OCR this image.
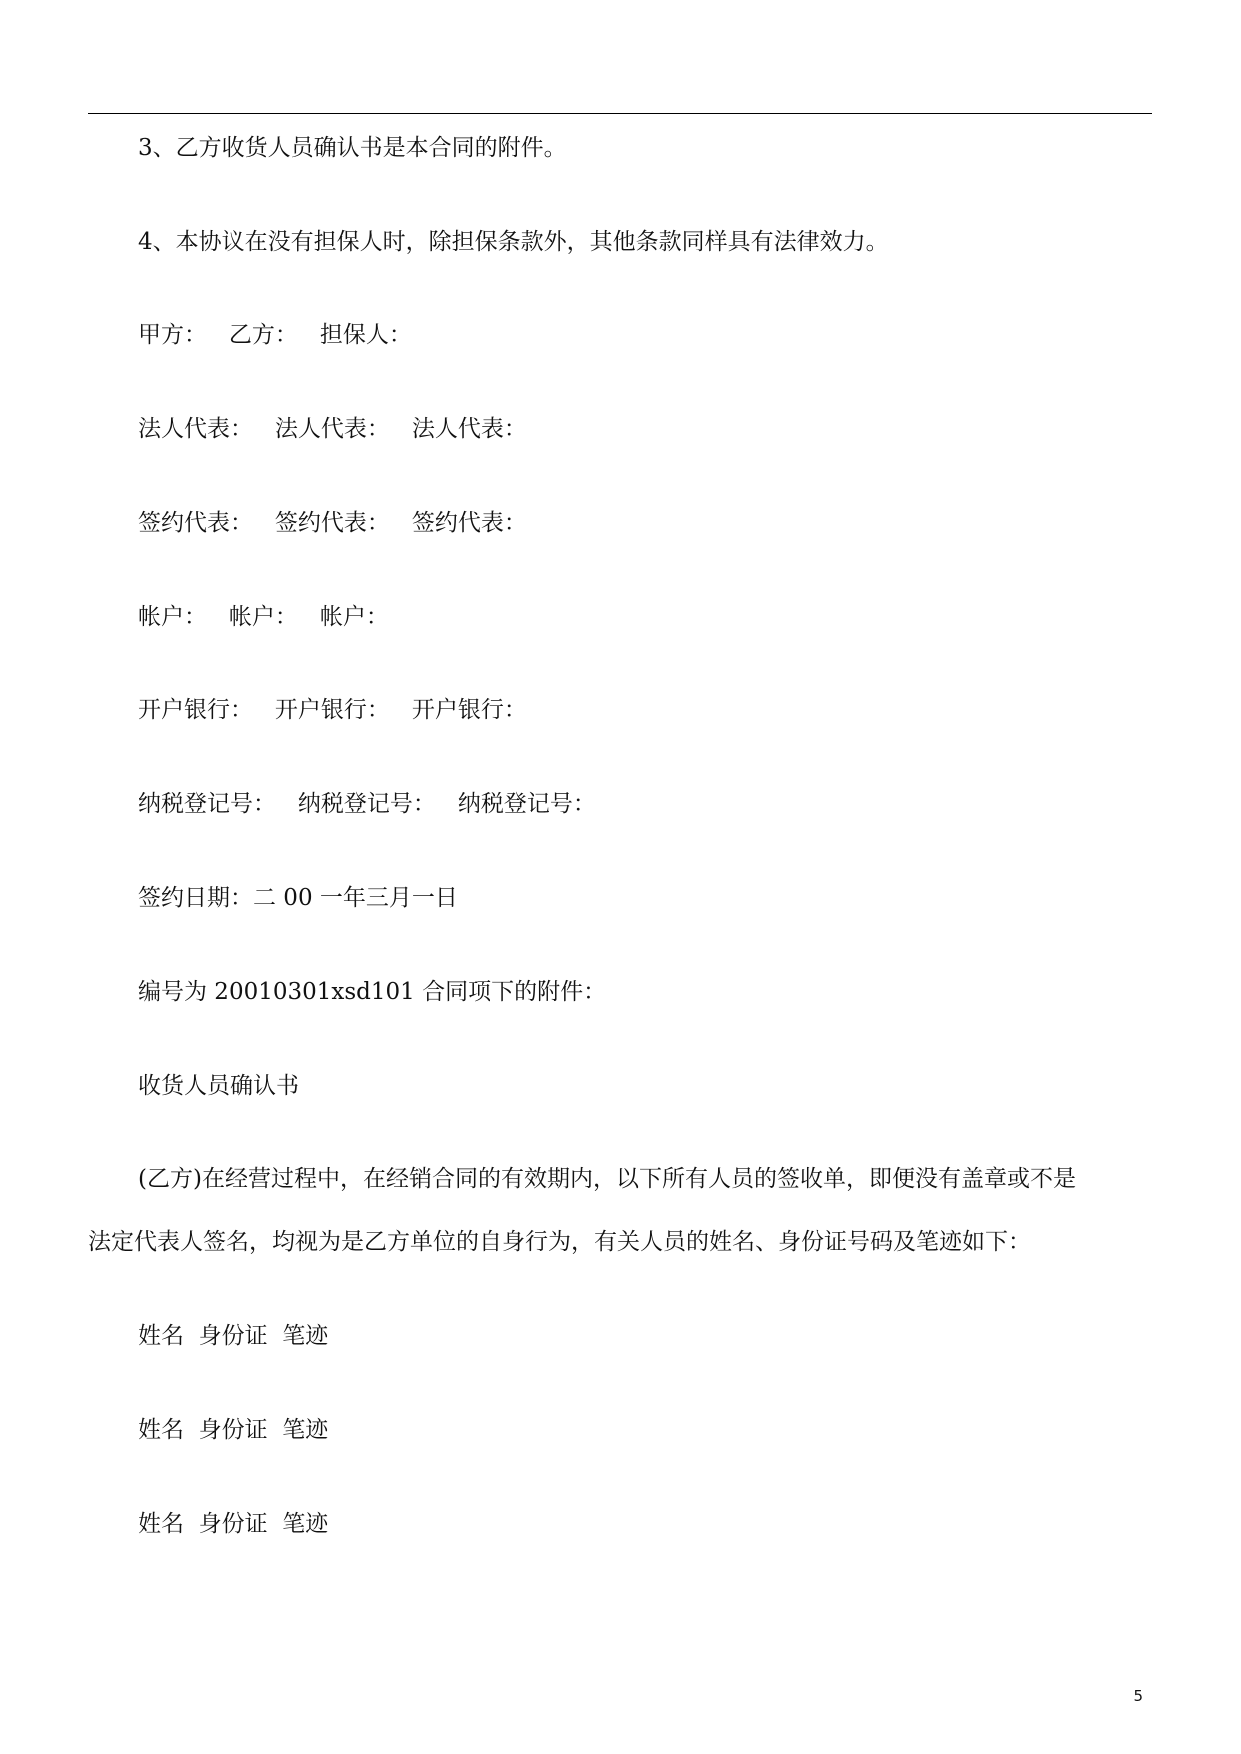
3、乙方收货人员确认书是本合同的附件。
4、本协议在没有担保人时，除担保条款外，其他条款同样具有法律效力。
甲方：   乙方：   担保人：
法人代表：   法人代表：   法人代表：
签约代表：   签约代表：   签约代表：
帐户：   帐户：   帐户：
开户银行：   开户银行：   开户银行：
纳税登记号：   纳税登记号：   纳税登记号：
签约日期：二 00 一年三月一日
编号为 20010301xsd101 合同项下的附件：
收货人员确认书
(乙方)在经营过程中，在经销合同的有效期内，以下所有人员的签收单，即便没有盖章或不是
法定代表人签名，均视为是乙方单位的自身行为，有关人员的姓名、身份证号码及笔迹如下：
姓名  身份证  笔迹
姓名  身份证  笔迹
姓名  身份证  笔迹
5
